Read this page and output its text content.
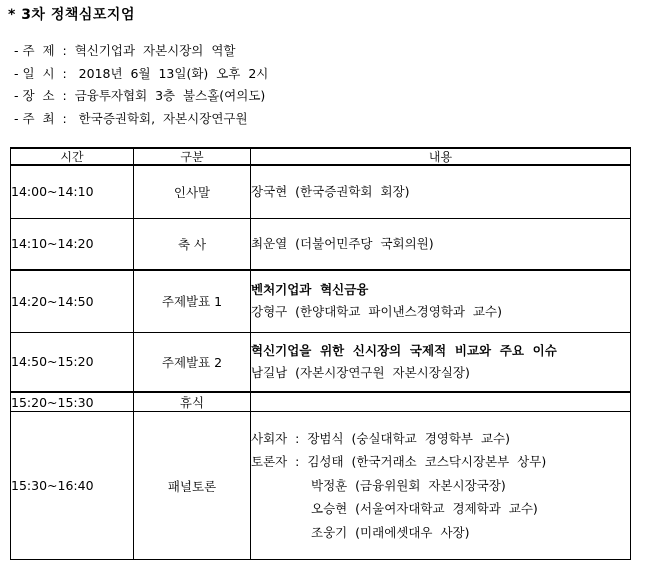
* 3차 정책심포지엄
- 주  제  :  혁신기업과  자본시장의  역할
- 일  시  :   2018년  6월  13일(화)  오후  2시
- 장  소  :  금융투자협회  3층  불스홀(여의도)
- 주  최  :   한국증권학회,  자본시장연구원
시간	구분	내용
14:00~14:10	인사말	장국현  (한국증권학회  회장)

14:10~14:20	축 사	최운열  (더불어민주당  국회의원)

14:20~14:50	주제발표 1	벤처기업과  혁신금융
강형구  (한양대학교  파이낸스경영학과  교수)

14:50~15:20	주제발표 2	혁신기업을  위한  신시장의  국제적  비교와  주요  이슈
남길남  (자본시장연구원  자본시장실장)

15:20~15:30	휴식	
15:30~16:40	패널토론	사회자  :  장범식  (숭실대학교  경영학부  교수)
토론자  :  김성태  (한국거래소  코스닥시장본부  상무)
박정훈  (금융위원회  자본시장국장)
오승현  (서울여자대학교  경제학과  교수)
조웅기  (미래에셋대우  사장)
